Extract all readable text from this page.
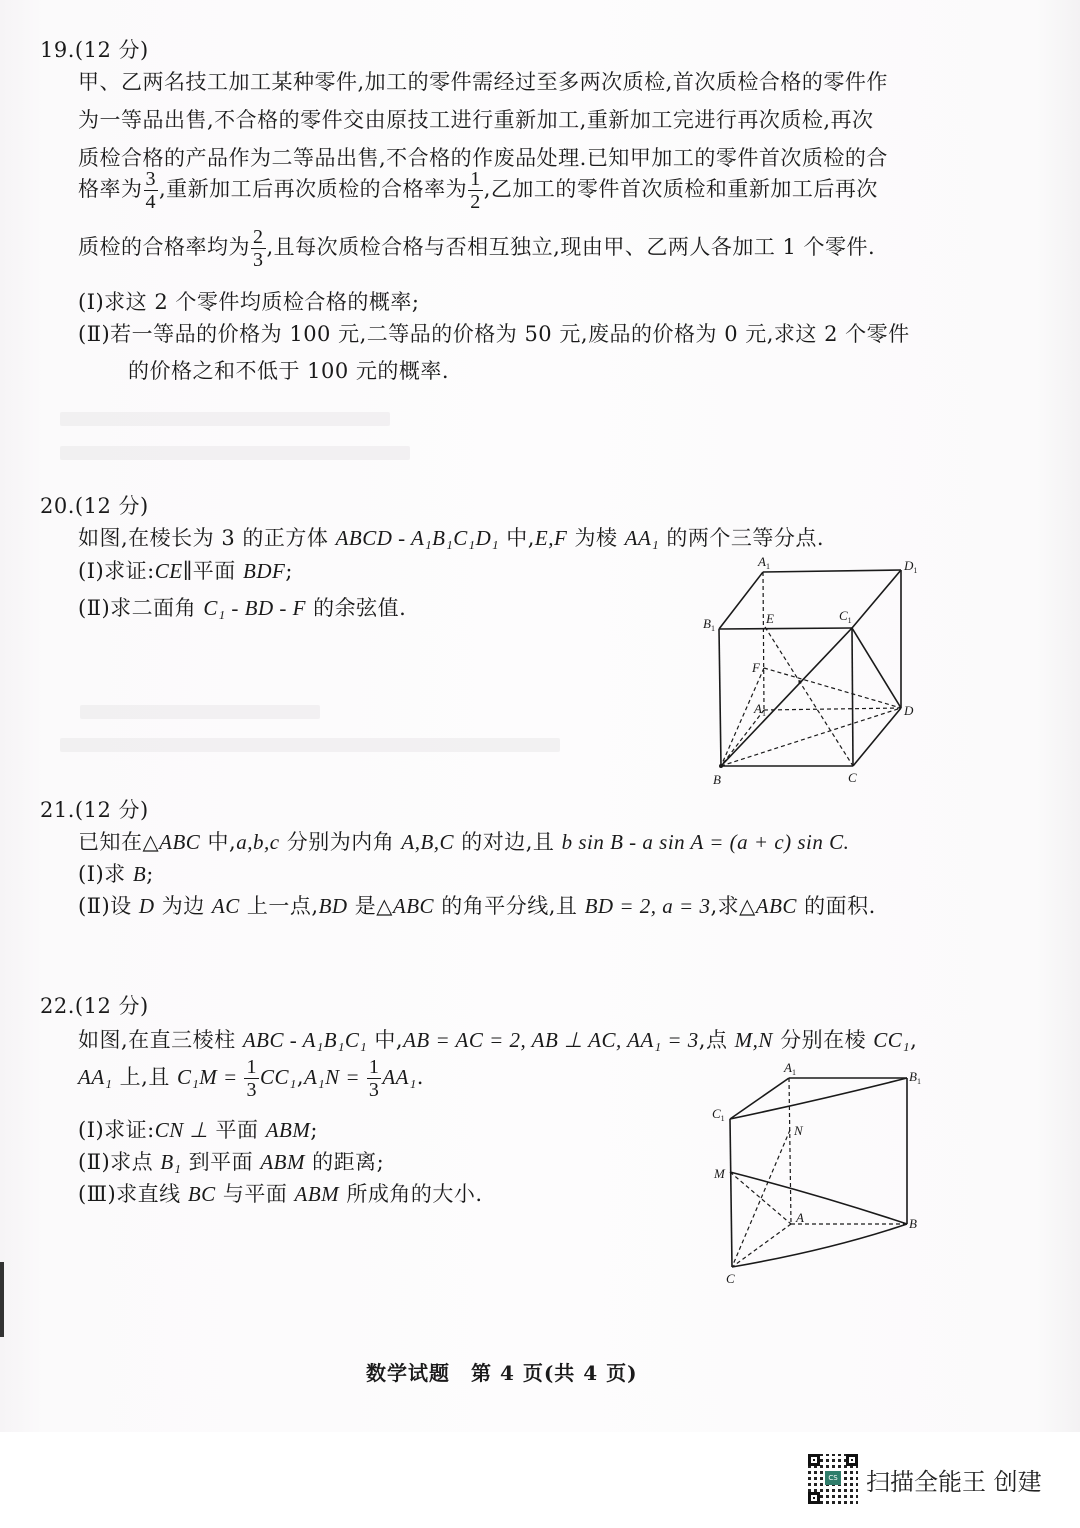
19.(12 分)
甲、乙两名技工加工某种零件,加工的零件需经过至多两次质检,首次质检合格的零件作
为一等品出售,不合格的零件交由原技工进行重新加工,重新加工完进行再次质检,再次
质检合格的产品作为二等品出售,不合格的作废品处理.已知甲加工的零件首次质检的合
格率为 $\frac{3}{4}$ ,重新加工后再次质检的合格率为 $\frac{1}{2}$ ,乙加工的零件首次质检和重新加工后再次
质检的合格率均为 $\frac{2}{3}$ ,且每次质检合格与否相互独立,现由甲、乙两人各加工 1 个零件.
(Ⅰ)求这 2 个零件均质检合格的概率;
(Ⅱ)若一等品的价格为 100 元,二等品的价格为 50 元,废品的价格为 0 元,求这 2 个零件
的价格之和不低于 100 元的概率.
20.(12 分)
如图,在棱长为 3 的正方体 ABCD - A₁B₁C₁D₁ 中,E,F 为棱 AA₁ 的两个三等分点.
(Ⅰ)求证:CE∥平面 BDF;
(Ⅱ)求二面角 C₁ - BD - F 的余弦值.
$A_1$	$D_1$
$B_1$
E	$C_1$
F
$A_1$	D
B	C
21.(12 分)
已知在△ABC 中,a,b,c 分别为内角 A,B,C 的对边,且 b sin B - a sin A = (a + c) sin C.
(Ⅰ)求 B;
(Ⅱ)设 D 为边 AC 上一点,BD 是△ABC 的角平分线,且 BD = 2, a = 3,求△ABC 的面积.
22.(12 分)
如图,在直三棱柱 ABC - A₁B₁C₁ 中,AB = AC = 2, AB ⊥ AC, AA₁ = 3,点 M,N 分别在棱 CC₁,
AA₁ 上,且 $C_1M = \frac{1}{3} CC_1,A_1N = \frac{1}{3} AA_1$.
(Ⅰ)求证:CN ⊥ 平面 ABM;
(Ⅱ)求点 B₁ 到平面 ABM 的距离;
(Ⅲ)求直线 BC 与平面 ABM 所成角的大小.
$A_1$	$B_1$
$C_1$
N
M
A	B
C
数学试题　第 4 页(共 4 页)
CS 扫描全能王 创建
